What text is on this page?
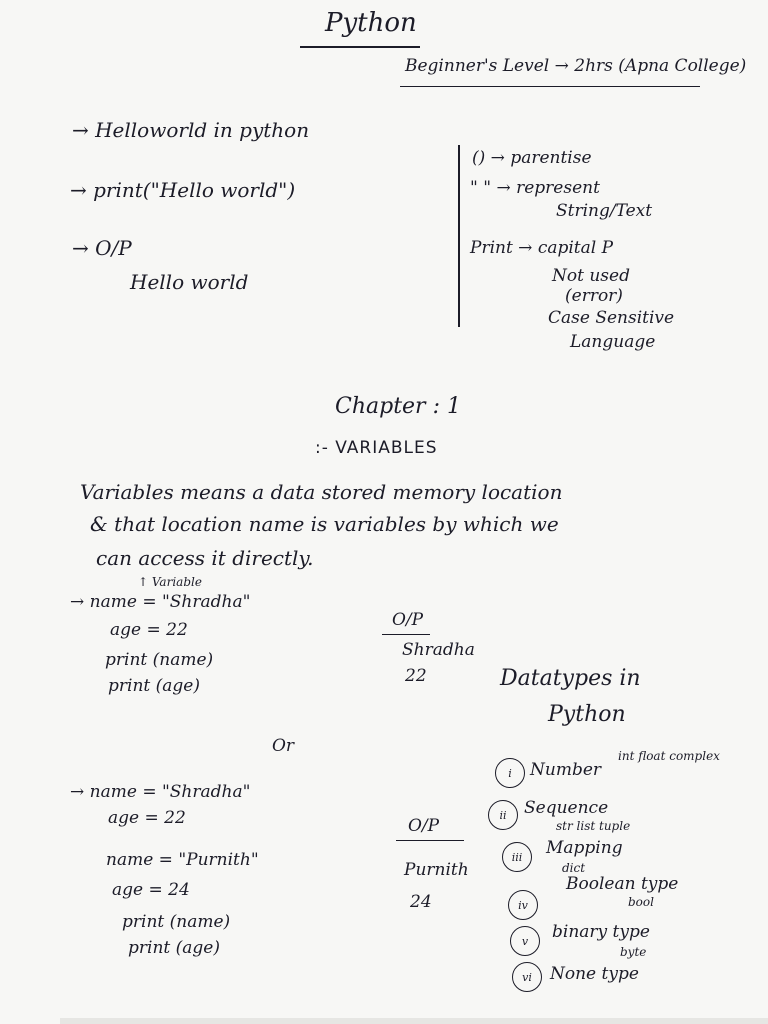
Python
Beginner's Level → 2hrs (Apna College)
→ Helloworld in python
→ print("Hello world")
→ O/P
Hello world
() → parentise
" " → represent
String/Text
Print → capital P
Not used
(error)
Case Sensitive
Language
Chapter : 1
:- VARIABLES
Variables means a data stored memory location
& that location name is variables by which we
can access it directly.
↑ Variable
→ name = "Shradha"
age = 22
print (name)
print (age)
O/P
Shradha
22
Or
→ name = "Shradha"
age = 22
name = "Purnith"
age = 24
print (name)
print (age)
O/P
Purnith
24
Datatypes in
Python
i	Number
int float complex
ii	Sequence
str list tuple
iii	Mapping
dict
iv
Boolean type
bool
v	binary type
byte
vi	None type
